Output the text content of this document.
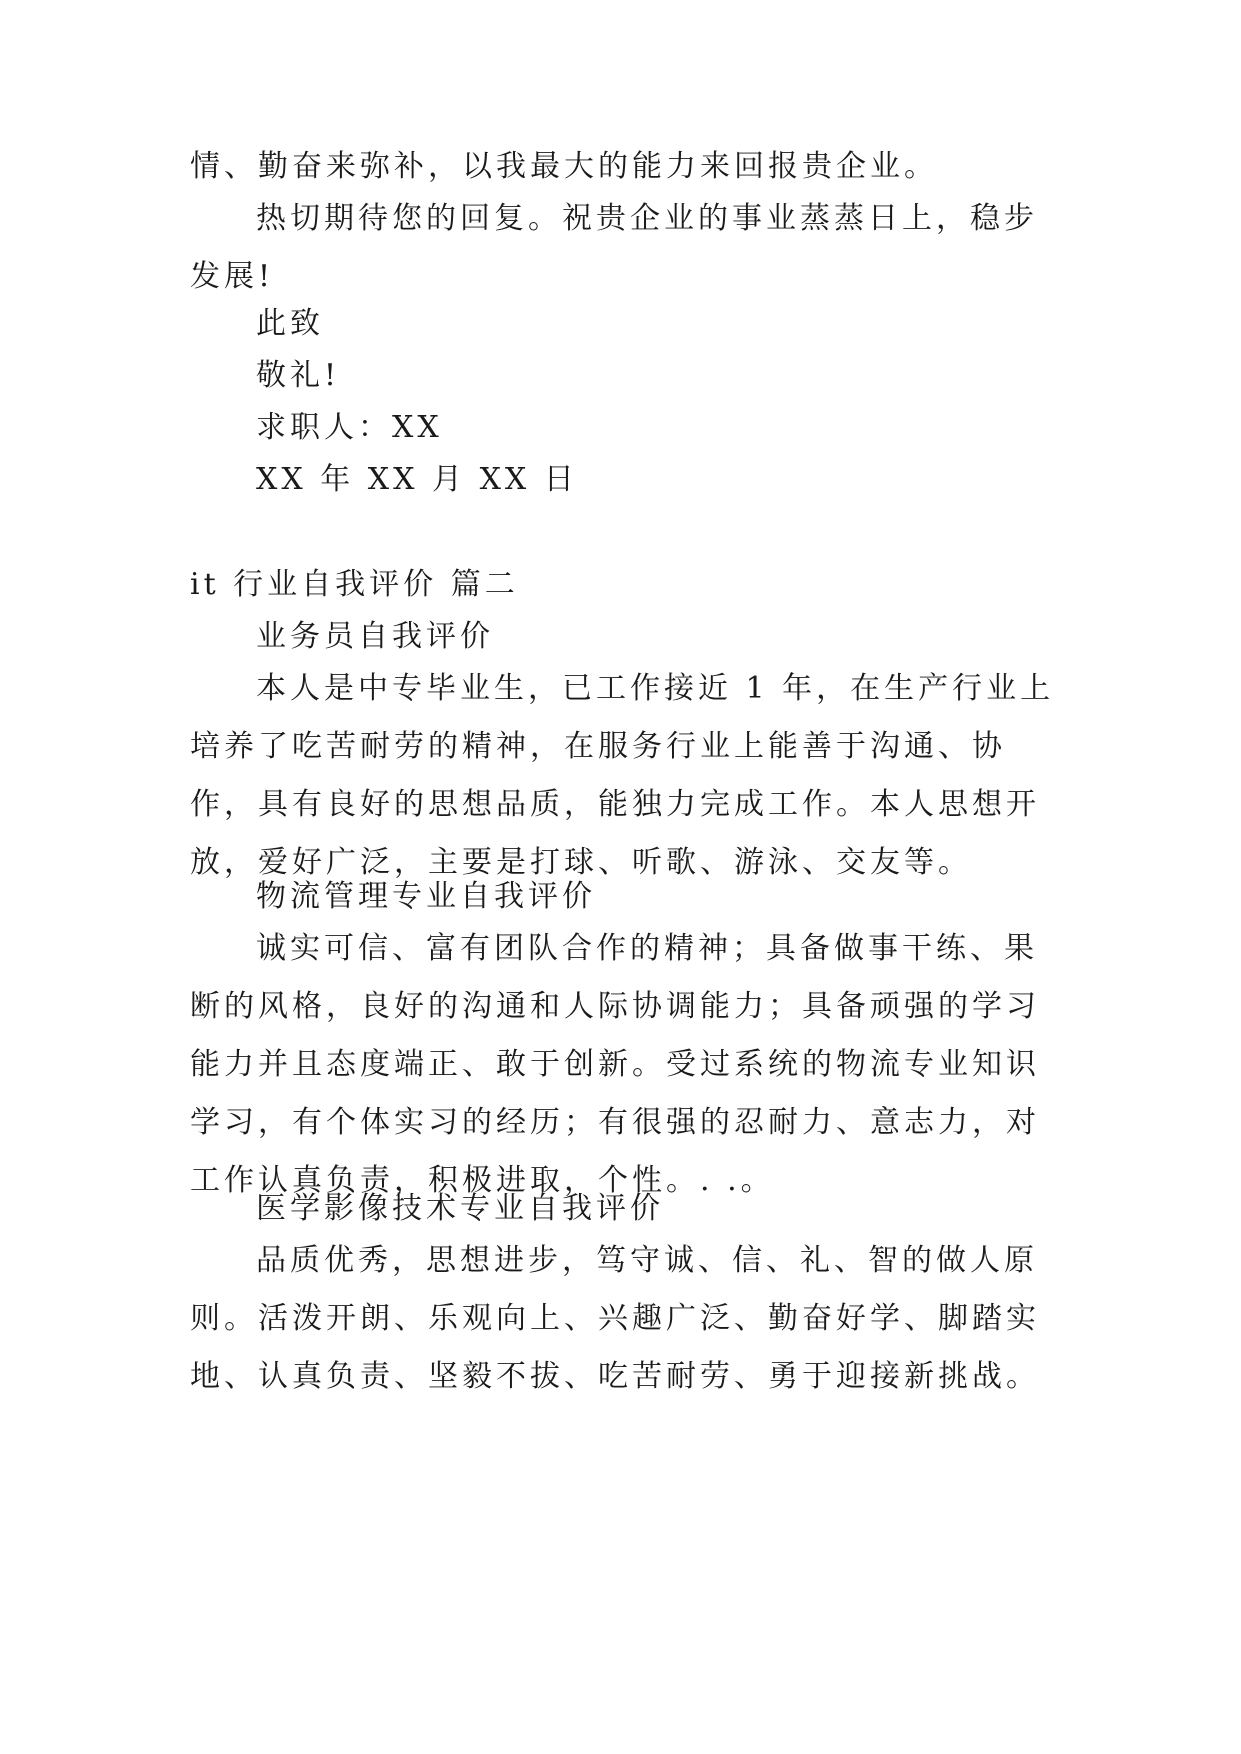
情、勤奋来弥补，以我最大的能力来回报贵企业。

热切期待您的回复。祝贵企业的事业蒸蒸日上，稳步发展!

此致

敬礼!

求职人：XX

XX 年 XX 月 XX 日

it 行业自我评价 篇二

业务员自我评价

本人是中专毕业生，已工作接近 1 年，在生产行业上培养了吃苦耐劳的精神，在服务行业上能善于沟通、协作，具有良好的思想品质，能独力完成工作。本人思想开放，爱好广泛，主要是打球、听歌、游泳、交友等。

物流管理专业自我评价

诚实可信、富有团队合作的精神；具备做事干练、果断的风格，良好的沟通和人际协调能力；具备顽强的学习能力并且态度端正、敢于创新。受过系统的物流专业知识学习，有个体实习的经历；有很强的忍耐力、意志力，对工作认真负责，积极进取，个性。. .。

医学影像技术专业自我评价

品质优秀，思想进步，笃守诚、信、礼、智的做人原则。活泼开朗、乐观向上、兴趣广泛、勤奋好学、脚踏实地、认真负责、坚毅不拔、吃苦耐劳、勇于迎接新挑战。
